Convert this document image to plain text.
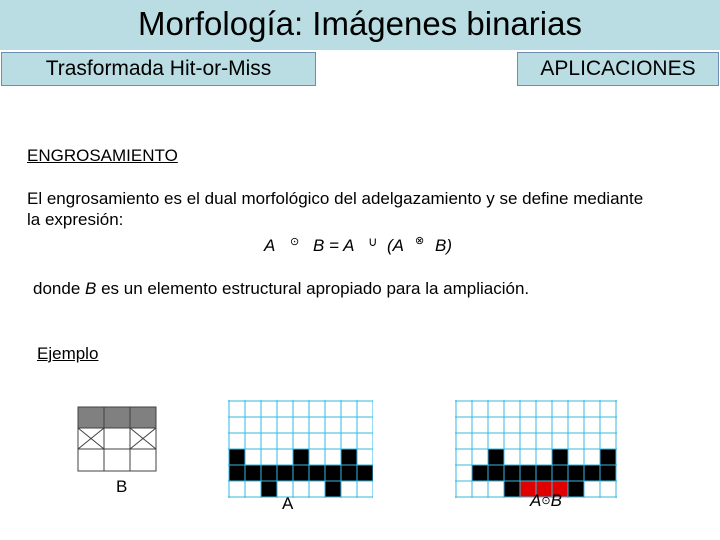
Morfología: Imágenes binarias
Trasformada Hit-or-Miss	APLICACIONES
ENGROSAMIENTO
El engrosamiento es el dual morfológico del adelgazamiento y se define mediante
la expresión:
A ⊙ B = A ∪ (A ⊗ B)
donde B es un elemento estructural apropiado para la ampliación.
Ejemplo
B
A	A⊙B
